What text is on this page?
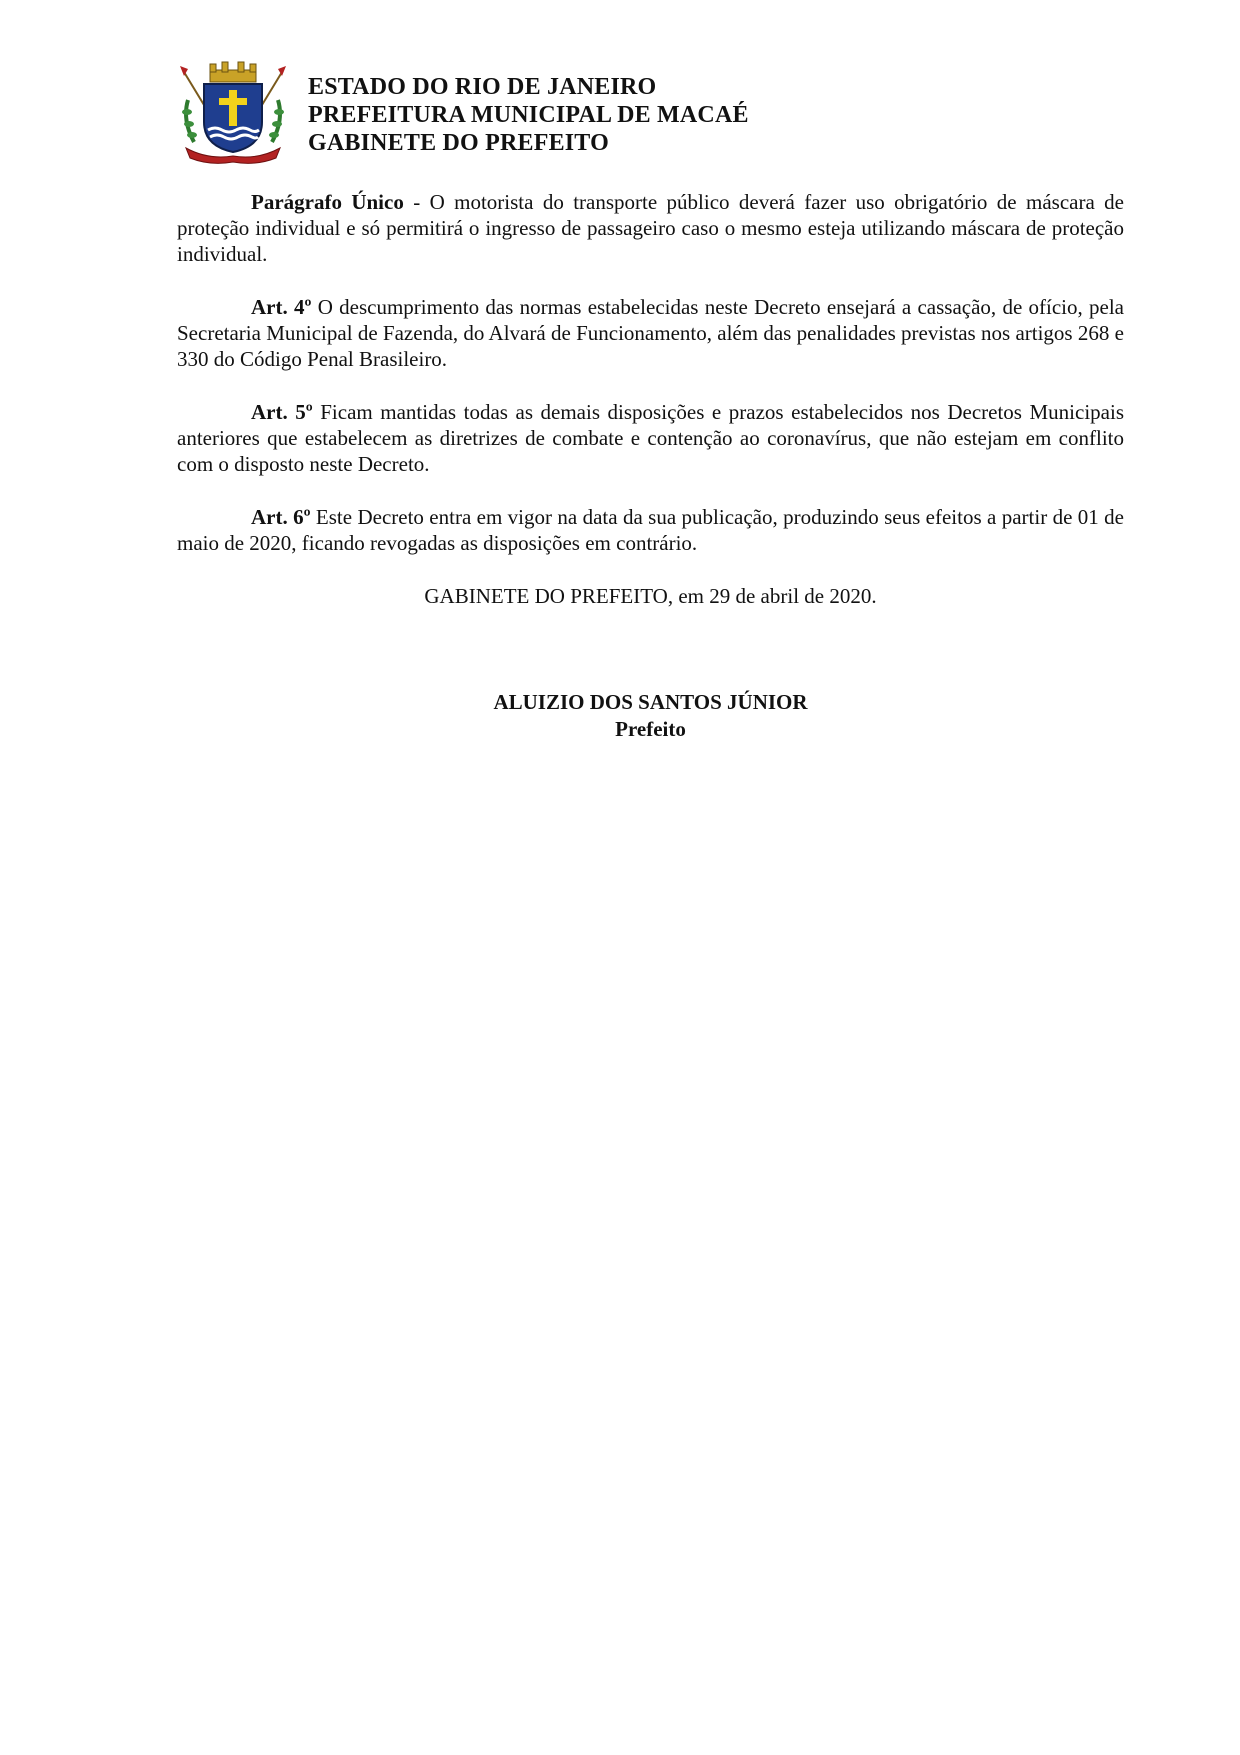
ESTADO DO RIO DE JANEIRO
PREFEITURA MUNICIPAL DE MACAÉ
GABINETE DO PREFEITO

Parágrafo Único - O motorista do transporte público deverá fazer uso obrigatório de máscara de proteção individual e só permitirá o ingresso de passageiro caso o mesmo esteja utilizando máscara de proteção individual.

Art. 4º O descumprimento das normas estabelecidas neste Decreto ensejará a cassação, de ofício, pela Secretaria Municipal de Fazenda, do Alvará de Funcionamento, além das penalidades previstas nos artigos 268 e 330 do Código Penal Brasileiro.

Art. 5º Ficam mantidas todas as demais disposições e prazos estabelecidos nos Decretos Municipais anteriores que estabelecem as diretrizes de combate e contenção ao coronavírus, que não estejam em conflito com o disposto neste Decreto.

Art. 6º Este Decreto entra em vigor na data da sua publicação, produzindo seus efeitos a partir de 01 de maio de 2020, ficando revogadas as disposições em contrário.

GABINETE DO PREFEITO, em 29 de abril de 2020.
ALUIZIO DOS SANTOS JÚNIOR
Prefeito
